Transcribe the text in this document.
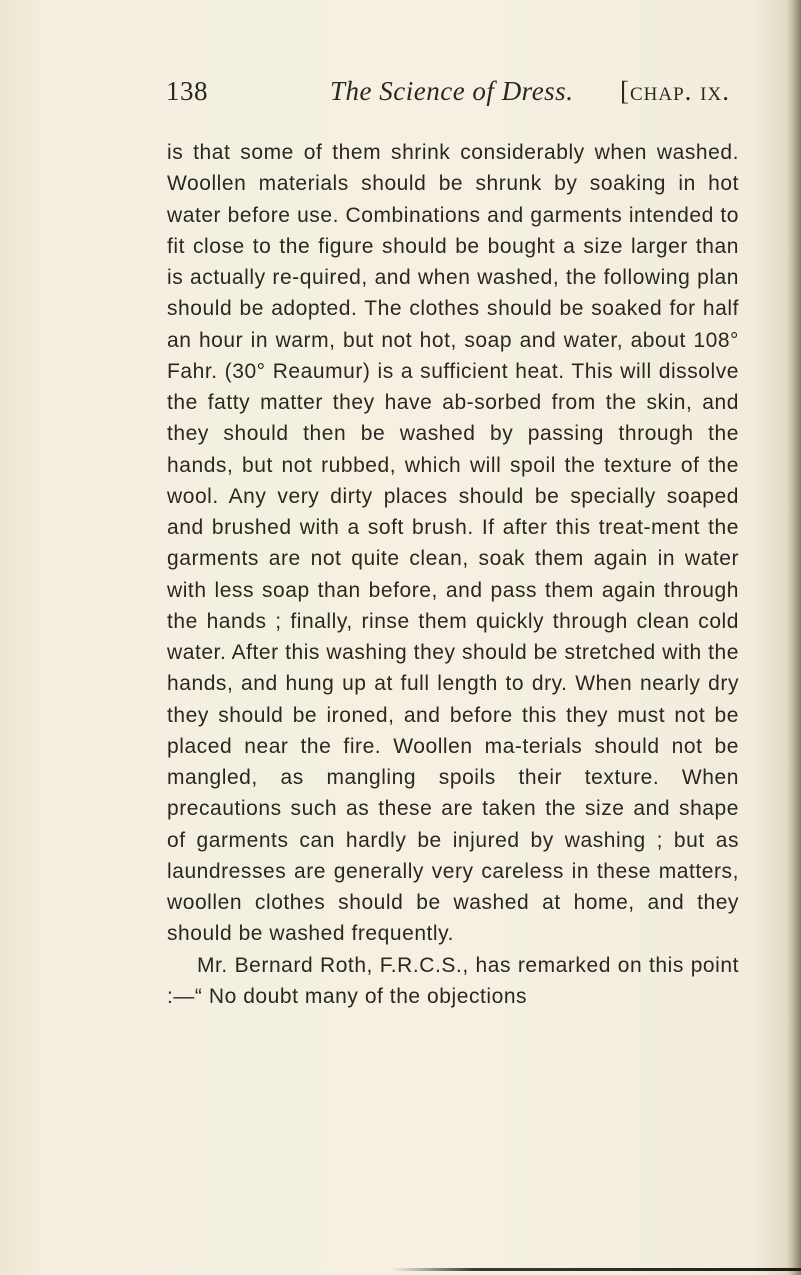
138	The Science of Dress. [chap. ix.

is that some of them shrink considerably when washed. Woollen materials should be shrunk by soaking in hot water before use. Combinations and garments intended to fit close to the figure should be bought a size larger than is actually re-quired, and when washed, the following plan should be adopted. The clothes should be soaked for half an hour in warm, but not hot, soap and water, about 108° Fahr. (30° Reaumur) is a sufficient heat. This will dissolve the fatty matter they have ab-sorbed from the skin, and they should then be washed by passing through the hands, but not rubbed, which will spoil the texture of the wool. Any very dirty places should be specially soaped and brushed with a soft brush. If after this treat-ment the garments are not quite clean, soak them again in water with less soap than before, and pass them again through the hands ; finally, rinse them quickly through clean cold water. After this washing they should be stretched with the hands, and hung up at full length to dry. When nearly dry they should be ironed, and before this they must not be placed near the fire. Woollen ma-terials should not be mangled, as mangling spoils their texture. When precautions such as these are taken the size and shape of garments can hardly be injured by washing ; but as laundresses are generally very careless in these matters, woollen clothes should be washed at home, and they should be washed frequently.

Mr. Bernard Roth, F.R.C.S., has remarked on this point :—“ No doubt many of the objections
